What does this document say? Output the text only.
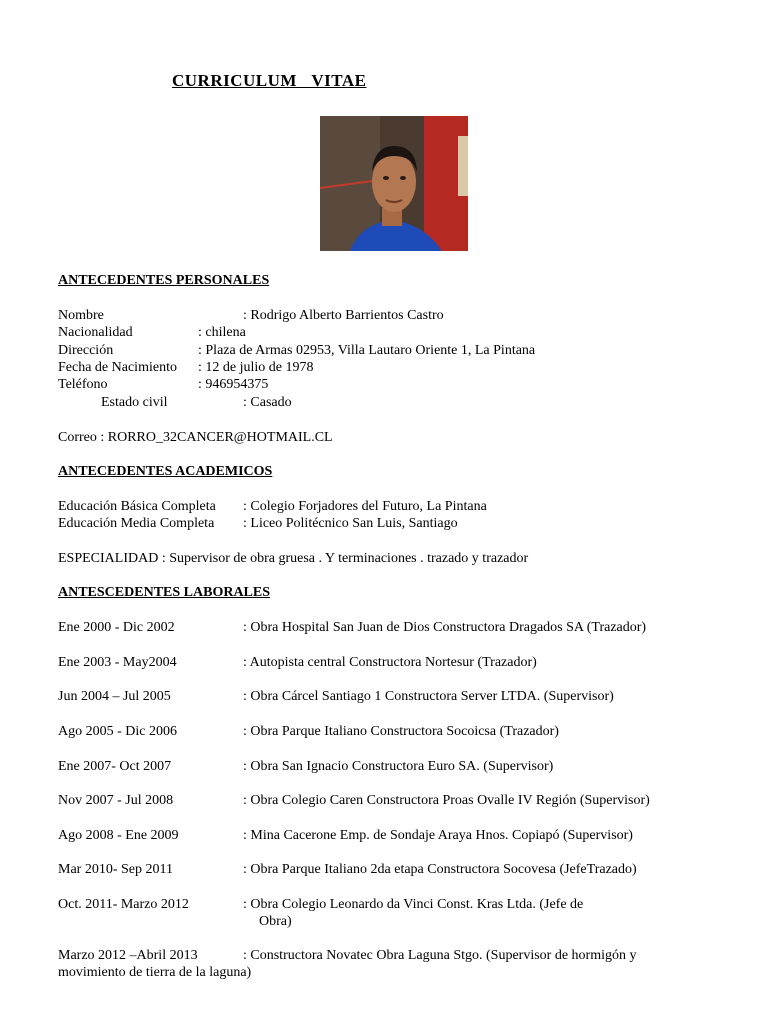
CURRICULUM VITAE
ANTECEDENTES PERSONALES
Nombre	: Rodrigo Alberto Barrientos Castro
Nacionalidad	: chilena
Dirección	: Plaza de Armas 02953, Villa Lautaro Oriente 1, La Pintana
Fecha de Nacimiento : 12 de julio de 1978
Teléfono	: 946954375
Estado civil	: Casado
Correo : RORRO_32CANCER@HOTMAIL.CL
ANTECEDENTES ACADEMICOS
Educación Básica Completa : Colegio Forjadores del Futuro, La Pintana
Educación Media Completa : Liceo Politécnico San Luis, Santiago
ESPECIALIDAD : Supervisor de obra gruesa . Y terminaciones . trazado y trazador
ANTESCEDENTES LABORALES
Ene 2000 - Dic 2002	: Obra Hospital San Juan de Dios Constructora Dragados SA (Trazador)
Ene 2003 - May2004	: Autopista central Constructora Nortesur (Trazador)
Jun 2004 – Jul 2005	: Obra Cárcel Santiago 1 Constructora Server LTDA. (Supervisor)
Ago 2005 - Dic 2006	: Obra Parque Italiano Constructora Socoicsa (Trazador)
Ene 2007- Oct 2007	: Obra San Ignacio Constructora Euro SA. (Supervisor)
Nov 2007 - Jul 2008	: Obra Colegio Caren Constructora Proas Ovalle IV Región (Supervisor)
Ago 2008 - Ene 2009	: Mina Cacerone Emp. de Sondaje Araya Hnos. Copiapó (Supervisor)
Mar 2010- Sep 2011	: Obra Parque Italiano 2da etapa Constructora Socovesa (JefeTrazado)
Oct. 2011- Marzo 2012	: Obra Colegio Leonardo da Vinci Const. Kras Ltda. (Jefe de
Obra)
Marzo 2012 –Abril 2013	: Constructora Novatec Obra Laguna Stgo. (Supervisor de hormigón y
movimiento de tierra de la laguna)
